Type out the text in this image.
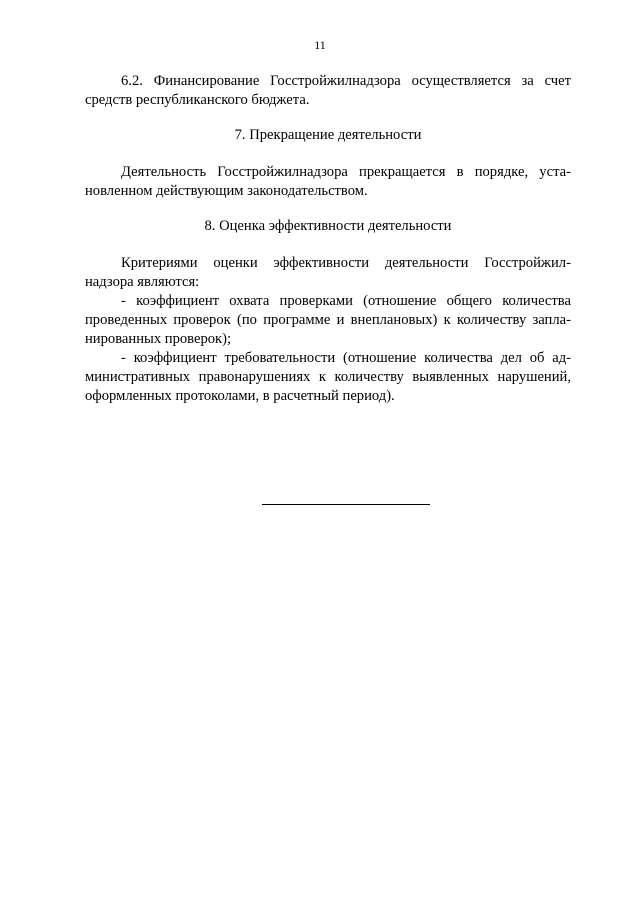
11
6.2. Финансирование Госстройжилнадзора осуществляется за счет
средств республиканского бюджета.
7. Прекращение деятельности
Деятельность Госстройжилнадзора прекращается в порядке, уста-
новленном действующим законодательством.
8. Оценка эффективности деятельности
Критериями оценки эффективности деятельности Госстройжил-
надзора являются:
- коэффициент охвата проверками (отношение общего количества
проведенных проверок (по программе и внеплановых) к количеству запла-
нированных проверок);
- коэффициент требовательности (отношение количества дел об ад-
министративных правонарушениях к количеству выявленных нарушений,
оформленных протоколами, в расчетный период).
